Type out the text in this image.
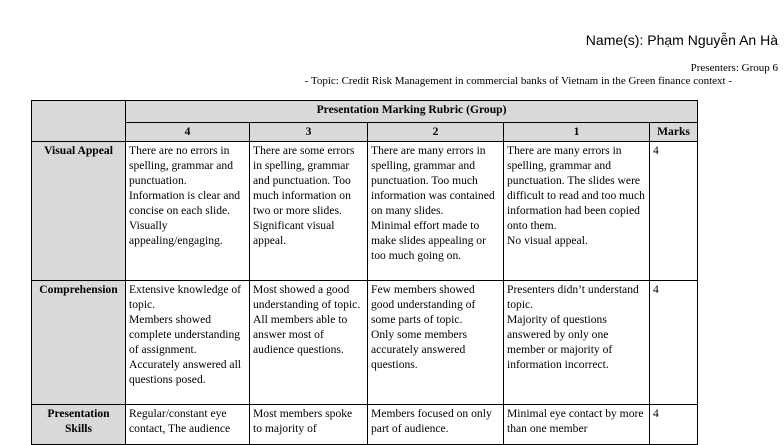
Name(s): Phạm Nguyễn An Hà
Presenters: Group 6
- Topic: Credit Risk Management in commercial banks of Vietnam in the Green finance context -
	Presentation Marking Rubric (Group)				
	4	3	2	1	Marks
Visual Appeal	There are no errors in spelling, grammar and punctuation.
Information is clear and concise on each slide.
Visually appealing/engaging.	There are some errors in spelling, grammar and punctuation. Too much information on two or more slides.
Significant visual appeal.	There are many errors in spelling, grammar and punctuation. Too much information was contained on many slides.
Minimal effort made to make slides appealing or too much going on.	There are many errors in spelling, grammar and punctuation. The slides were difficult to read and too much information had been copied onto them.
No visual appeal.	4
Comprehension	Extensive knowledge of topic.
Members showed complete understanding of assignment.
Accurately answered all questions posed.	Most showed a good understanding of topic.
All members able to answer most of audience questions.	Few members showed good understanding of some parts of topic.
Only some members accurately answered questions.	Presenters didn’t understand topic.
Majority of questions answered by only one member or majority of information incorrect.	4
Presentation Skills	Regular/constant eye contact, The audience	Most members spoke to majority of	Members focused on only part of audience.	Minimal eye contact by more than one member	4
